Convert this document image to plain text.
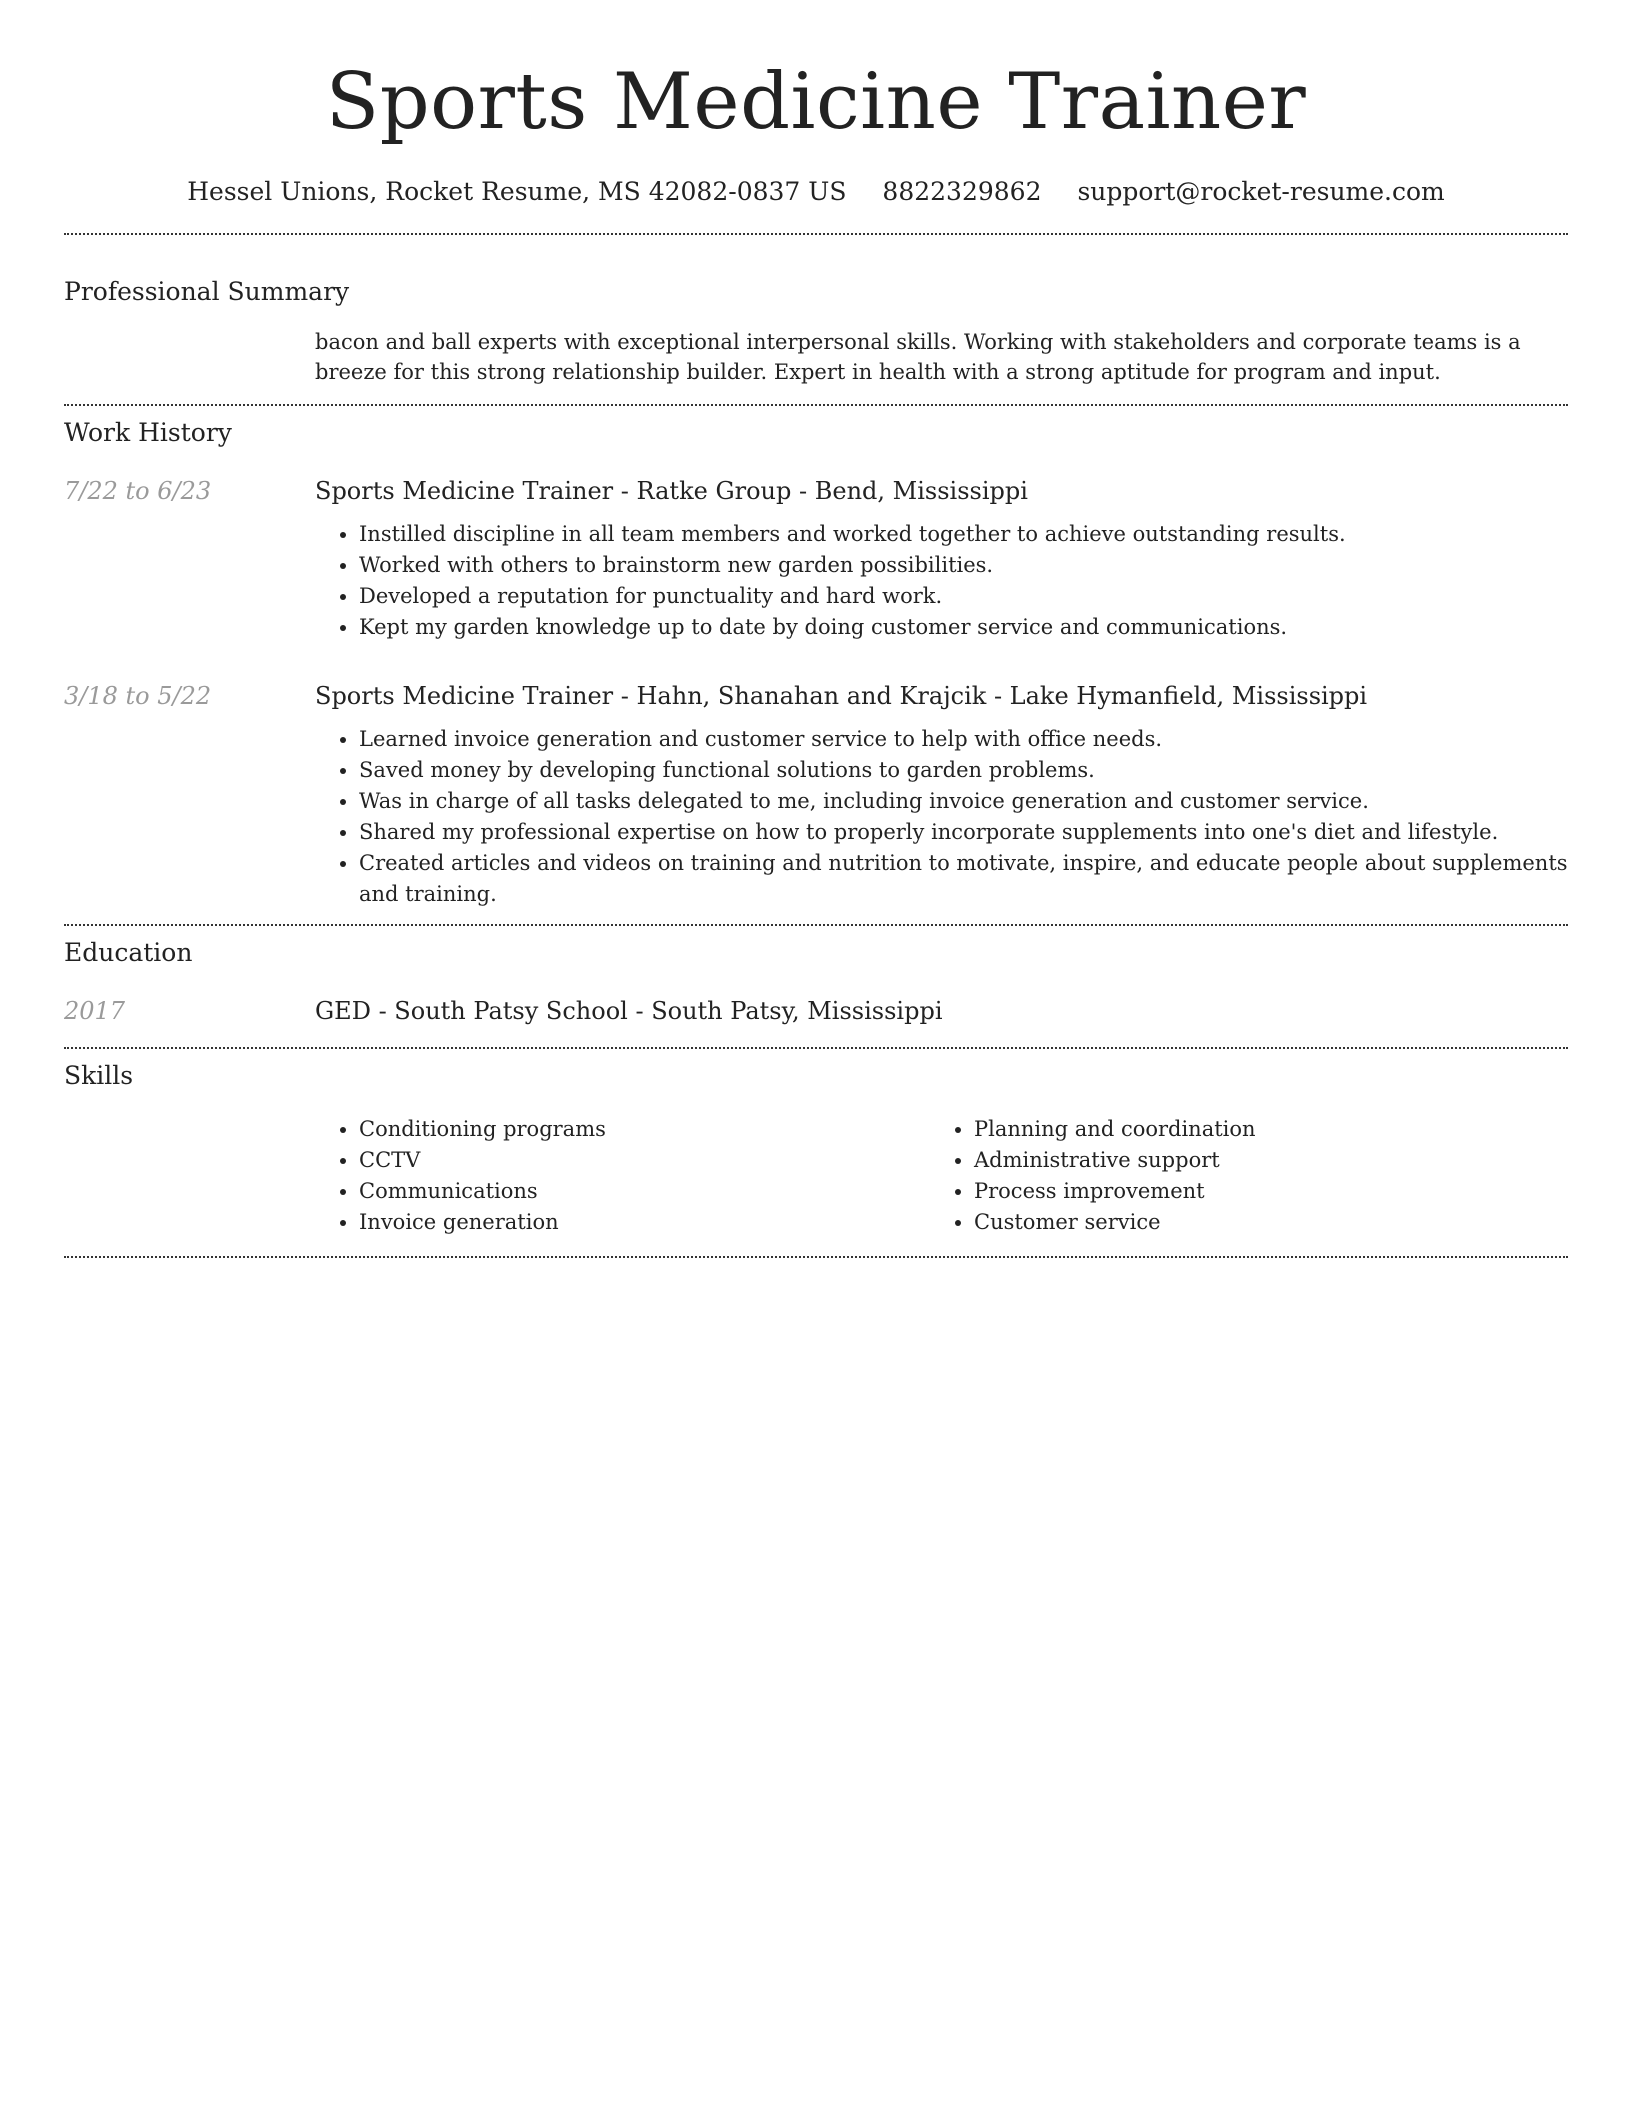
Sports Medicine Trainer
Hessel Unions, Rocket Resume, MS 42082-0837 US 8822329862 support@rocket-resume.com
Professional Summary
bacon and ball experts with exceptional interpersonal skills. Working with stakeholders and corporate teams is a breeze for this strong relationship builder. Expert in health with a strong aptitude for program and input.
Work History
7/22 to 6/23	Sports Medicine Trainer - Ratke Group - Bend, Mississippi
• Instilled discipline in all team members and worked together to achieve outstanding results.
• Worked with others to brainstorm new garden possibilities.
• Developed a reputation for punctuality and hard work.
• Kept my garden knowledge up to date by doing customer service and communications.
3/18 to 5/22	Sports Medicine Trainer - Hahn, Shanahan and Krajcik - Lake Hymanfield, Mississippi
• Learned invoice generation and customer service to help with office needs.
• Saved money by developing functional solutions to garden problems.
• Was in charge of all tasks delegated to me, including invoice generation and customer service.
• Shared my professional expertise on how to properly incorporate supplements into one's diet and lifestyle.
• Created articles and videos on training and nutrition to motivate, inspire, and educate people about supplements and training.
Education
2017	GED - South Patsy School - South Patsy, Mississippi
Skills
• Conditioning programs
• CCTV
• Communications
• Invoice generation
• Planning and coordination
• Administrative support
• Process improvement
• Customer service
